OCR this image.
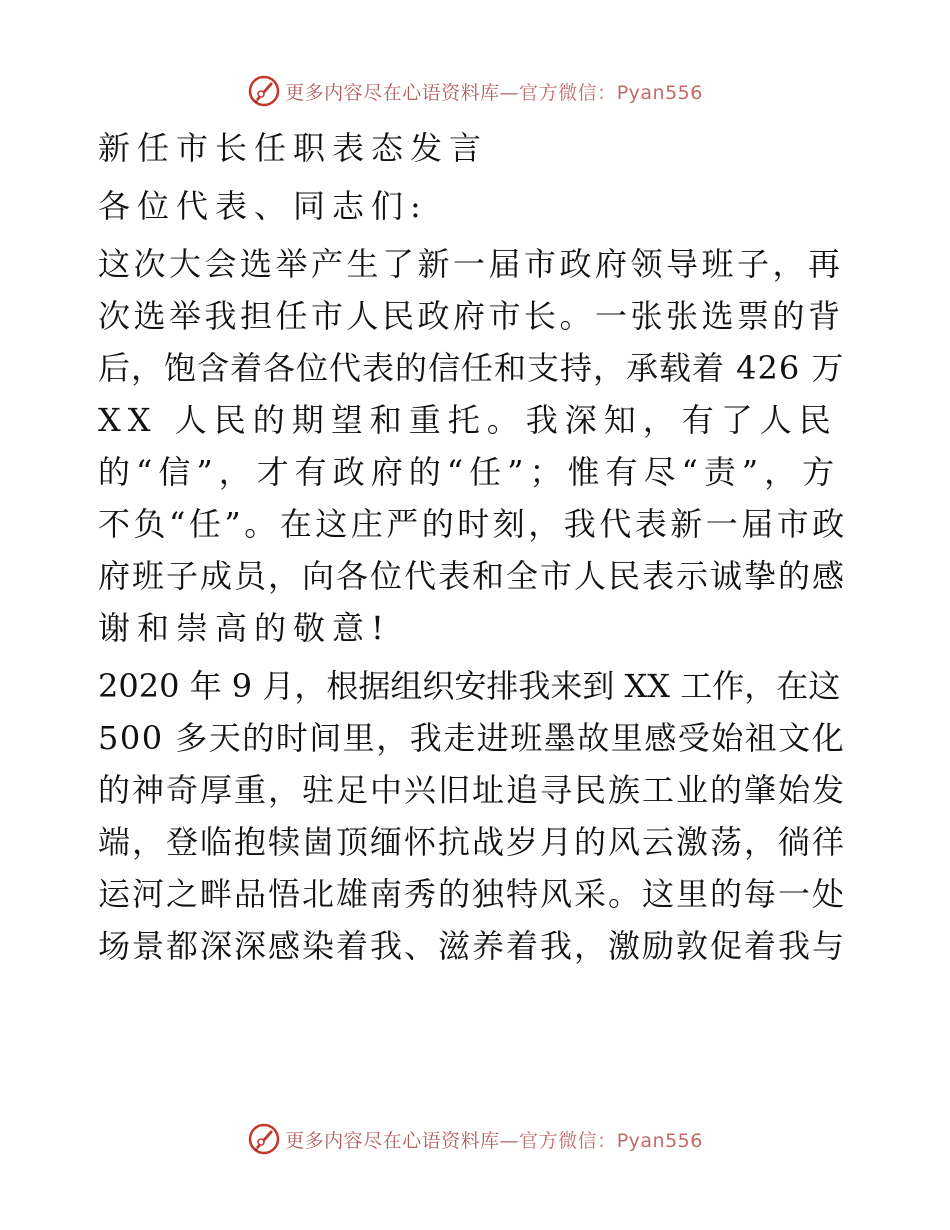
更多内容尽在心语资料库—官方微信：Pyan556
新任市长任职表态发言
各位代表、同志们:
这次大会选举产生了新一届市政府领导班子，再
次选举我担任市人民政府市长。一张张选票的背
后，饱含着各位代表的信任和支持，承载着 426 万
XX 人民的期望和重托。我深知，有了人民
的“信”，才有政府的“任”；惟有尽“责”，方
不负“任”。在这庄严的时刻，我代表新一届市政
府班子成员，向各位代表和全市人民表示诚挚的感
谢和崇高的敬意!
2020 年 9 月，根据组织安排我来到 XX 工作，在这
500 多天的时间里，我走进班墨故里感受始祖文化
的神奇厚重，驻足中兴旧址追寻民族工业的肇始发
端，登临抱犊崮顶缅怀抗战岁月的风云激荡，徜徉
运河之畔品悟北雄南秀的独特风采。这里的每一处
场景都深深感染着我、滋养着我，激励敦促着我与
更多内容尽在心语资料库—官方微信：Pyan556
